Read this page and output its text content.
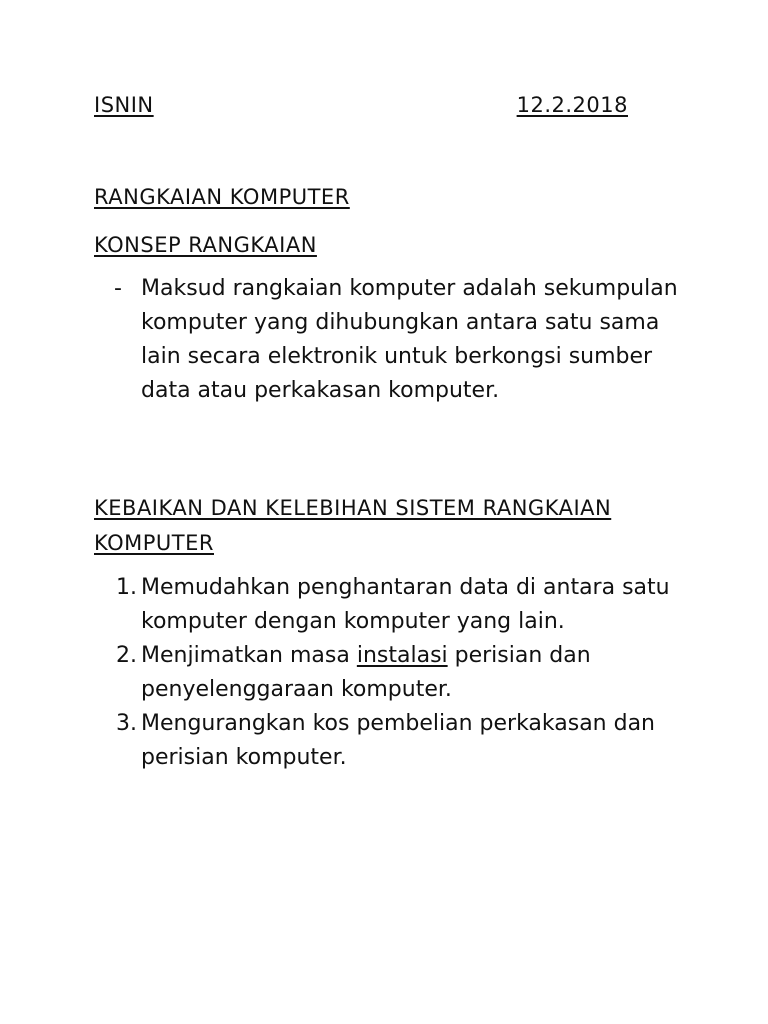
ISNIN	12.2.2018
RANGKAIAN KOMPUTER
KONSEP RANGKAIAN
- Maksud rangkaian komputer adalah sekumpulan komputer yang dihubungkan antara satu sama lain secara elektronik untuk berkongsi sumber data atau perkakasan komputer.
KEBAIKAN DAN KELEBIHAN SISTEM RANGKAIAN KOMPUTER
1. Memudahkan penghantaran data di antara satu komputer dengan komputer yang lain.
2. Menjimatkan masa instalasi perisian dan penyelenggaraan komputer.
3. Mengurangkan kos pembelian perkakasan dan perisian komputer.
